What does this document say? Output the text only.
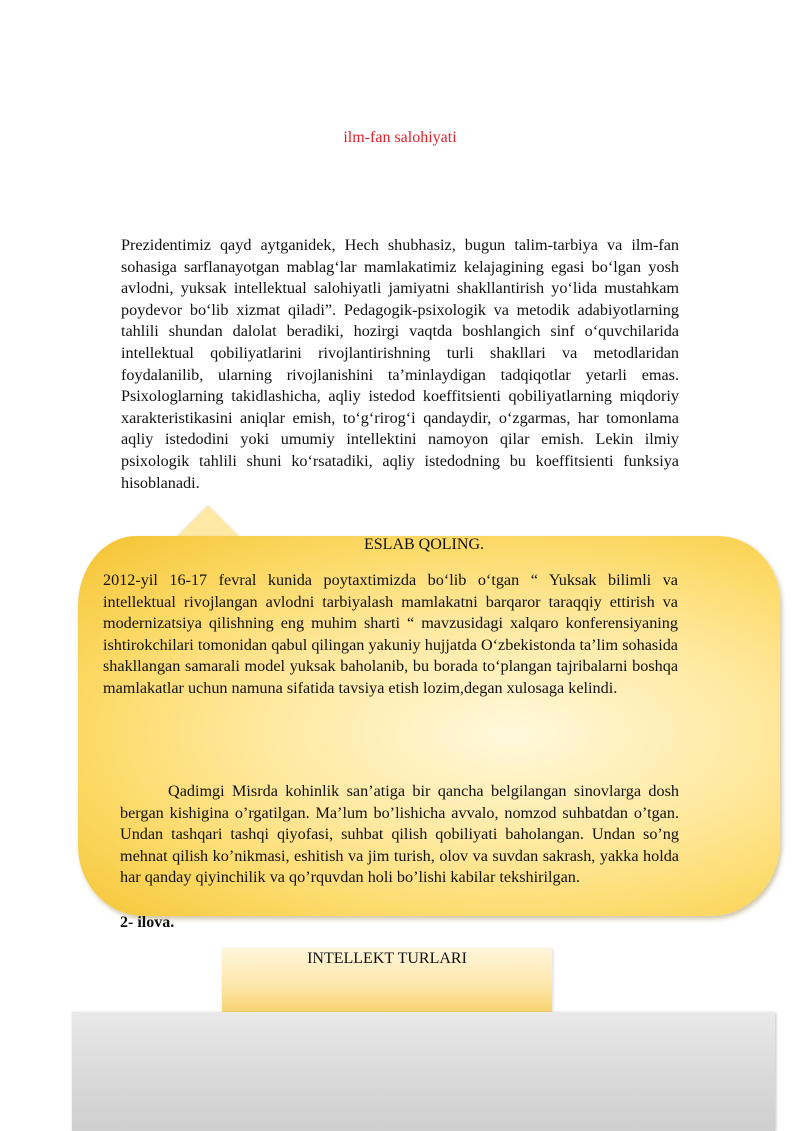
ilm-fan salohiyati

Prezidentimiz qayd aytganidek, Hech shubhasiz, bugun talim-tarbiya va ilm-fan sohasiga sarflanayotgan mablag‘lar mamlakatimiz kelajagining egasi bo‘lgan yosh avlodni, yuksak intellektual salohiyatli jamiyatni shakllantirish yo‘lida mustahkam poydevor bo‘lib xizmat qiladi”. Pedagogik-psixologik va metodik adabiyotlarning tahlili shundan dalolat beradiki, hozirgi vaqtda boshlangich sinf o‘quvchilarida intellektual qobiliyatlarini rivojlantirishning turli shakllari va metodlaridan foydalanilib, ularning rivojlanishini ta’minlaydigan tadqiqotlar yetarli emas. Psixologlarning takidlashicha, aqliy istedod koeffitsienti qobiliyatlarning miqdoriy xarakteristikasini aniqlar emish, to‘g‘rirog‘i qandaydir, o‘zgarmas, har tomonlama aqliy istedodini yoki umumiy intellektini namoyon qilar emish. Lekin ilmiy psixologik tahlili shuni ko‘rsatadiki, aqliy istedodning bu koeffitsienti funksiya hisoblanadi.

ESLAB QOLING.

2012-yil 16-17 fevral kunida poytaxtimizda bo‘lib o‘tgan “ Yuksak bilimli va intellektual rivojlangan avlodni tarbiyalash mamlakatni barqaror taraqqiy ettirish va modernizatsiya qilishning eng muhim sharti “ mavzusidagi xalqaro konferensiyaning ishtirokchilari tomonidan qabul qilingan yakuniy hujjatda O‘zbekistonda ta’lim sohasida shakllangan samarali model yuksak baholanib, bu borada to‘plangan tajribalarni boshqa mamlakatlar uchun namuna sifatida tavsiya etish lozim,degan xulosaga kelindi.

Qadimgi Misrda kohinlik san’atiga bir qancha belgilangan sinovlarga dosh bergan kishigina o’rgatilgan. Ma’lum bo’lishicha avvalo, nomzod suhbatdan o’tgan. Undan tashqari tashqi qiyofasi, suhbat qilish qobiliyati baholangan. Undan so’ng mehnat qilish ko’nikmasi, eshitish va jim turish, olov va suvdan sakrash, yakka holda har qanday qiyinchilik va qo’rquvdan holi bo’lishi kabilar tekshirilgan.

2- ilova.
INTELLEKT TURLARI
